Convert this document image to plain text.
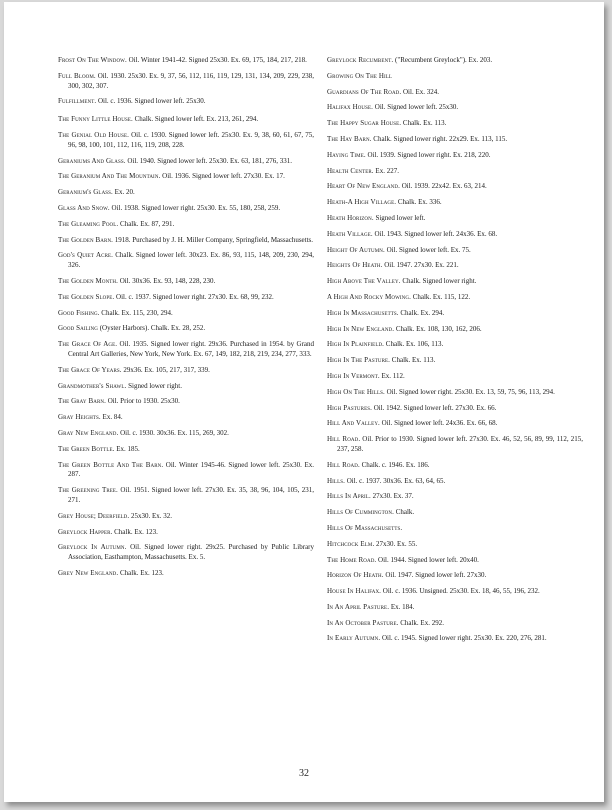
Frost On The Window. Oil. Winter 1941-42. Signed 25x30. Ex. 69, 175, 184, 217, 218.
Full Bloom. Oil. 1930. 25x30. Ex. 9, 37, 56, 112, 116, 119, 129, 131, 134, 209, 229, 238, 300, 302, 307.
Fulfillment. Oil. c. 1936. Signed lower left. 25x30.
The Funny Little House. Chalk. Signed lower left. Ex. 213, 261, 294.
The Genial Old House. Oil. c. 1930. Signed lower left. 25x30. Ex. 9, 38, 60, 61, 67, 75, 96, 98, 100, 101, 112, 116, 119, 208, 228.
Geraniums And Glass. Oil. 1940. Signed lower left. 25x30. Ex. 63, 181, 276, 331.
The Geranium And The Mountain. Oil. 1936. Signed lower left. 27x30. Ex. 17.
Geranium's Glass. Ex. 20.
Glass And Snow. Oil. 1938. Signed lower right. 25x30. Ex. 55, 180, 258, 259.
The Gleaming Pool. Chalk. Ex. 87, 291.
The Golden Barn. 1918. Purchased by J. H. Miller Company, Springfield, Massachusetts.
God's Quiet Acre. Chalk. Signed lower left. 30x23. Ex. 86, 93, 115, 148, 209, 230, 294, 326.
The Golden Month. Oil. 30x36. Ex. 93, 148, 228, 230.
The Golden Slope. Oil. c. 1937. Signed lower right. 27x30. Ex. 68, 99, 232.
Good Fishing. Chalk. Ex. 115, 230, 294.
Good Sailing (Oyster Harbors). Chalk. Ex. 28, 252.
The Grace Of Age. Oil. 1935. Signed lower right. 29x36. Purchased in 1954. by Grand Central Art Galleries, New York, New York. Ex. 67, 149, 182, 218, 219, 234, 277, 333.
The Grace Of Years. 29x36. Ex. 105, 217, 317, 339.
Grandmother's Shawl. Signed lower right.
The Gray Barn. Oil. Prior to 1930. 25x30.
Gray Heights. Ex. 84.
Gray New England. Oil. c. 1930. 30x36. Ex. 115, 269, 302.
The Green Bottle. Ex. 185.
The Green Bottle And The Barn. Oil. Winter 1945-46. Signed lower left. 25x30. Ex. 287.
The Greening Tree. Oil. 1951. Signed lower left. 27x30. Ex. 35, 38, 96, 104, 105, 231, 271.
Grey House; Deerfield. 25x30. Ex. 32.
Greylock Happer. Chalk. Ex. 123.
Greylock In Autumn. Oil. Signed lower right. 29x25. Purchased by Public Library Association, Easthampton, Massachusetts. Ex. 5.
Grey New England. Chalk. Ex. 123.
Greylock Recumbent. ("Recumbent Greylock"). Ex. 203.
Growing On The Hill
Guardians Of The Road. Oil. Ex. 324.
Halifax House. Oil. Signed lower left. 25x30.
The Happy Sugar House. Chalk. Ex. 113.
The Hay Barn. Chalk. Signed lower right. 22x29. Ex. 113, 115.
Haying Time. Oil. 1939. Signed lower right. Ex. 218, 220.
Health Center. Ex. 227.
Heart Of New England. Oil. 1939. 22x42. Ex. 63, 214.
Heath-A High Village. Chalk. Ex. 336.
Heath Horizon. Signed lower left.
Heath Village. Oil. 1943. Signed lower left. 24x36. Ex. 68.
Height Of Autumn. Oil. Signed lower left. Ex. 75.
Heights Of Heath. Oil. 1947. 27x30. Ex. 221.
High Above The Valley. Chalk. Signed lower right.
A High And Rocky Mowing. Chalk. Ex. 115, 122.
High In Massachusetts. Chalk. Ex. 294.
High In New England. Chalk. Ex. 108, 130, 162, 206.
High In Plainfield. Chalk. Ex. 106, 113.
High In The Pasture. Chalk. Ex. 113.
High In Vermont. Ex. 112.
High On The Hills. Oil. Signed lower right. 25x30. Ex. 13, 59, 75, 96, 113, 294.
High Pastures. Oil. 1942. Signed lower left. 27x30. Ex. 66.
Hill And Valley. Oil. Signed lower left. 24x36. Ex. 66, 68.
Hill Road. Oil. Prior to 1930. Signed lower left. 27x30. Ex. 46, 52, 56, 89, 99, 112, 215, 237, 258.
Hill Road. Chalk. c. 1946. Ex. 186.
Hills. Oil. c. 1937. 30x36. Ex. 63, 64, 65.
Hills In April. 27x30. Ex. 37.
Hills Of Cummington. Chalk.
Hills Of Massachusetts.
Hitchcock Elm. 27x30. Ex. 55.
The Home Road. Oil. 1944. Signed lower left. 20x40.
Horizon Of Heath. Oil. 1947. Signed lower left. 27x30.
House In Halifax. Oil. c. 1936. Unsigned. 25x30. Ex. 18, 46, 55, 196, 232.
In An April Pasture. Ex. 184.
In An October Pasture. Chalk. Ex. 292.
In Early Autumn. Oil. c. 1945. Signed lower right. 25x30. Ex. 220, 276, 281.
32
